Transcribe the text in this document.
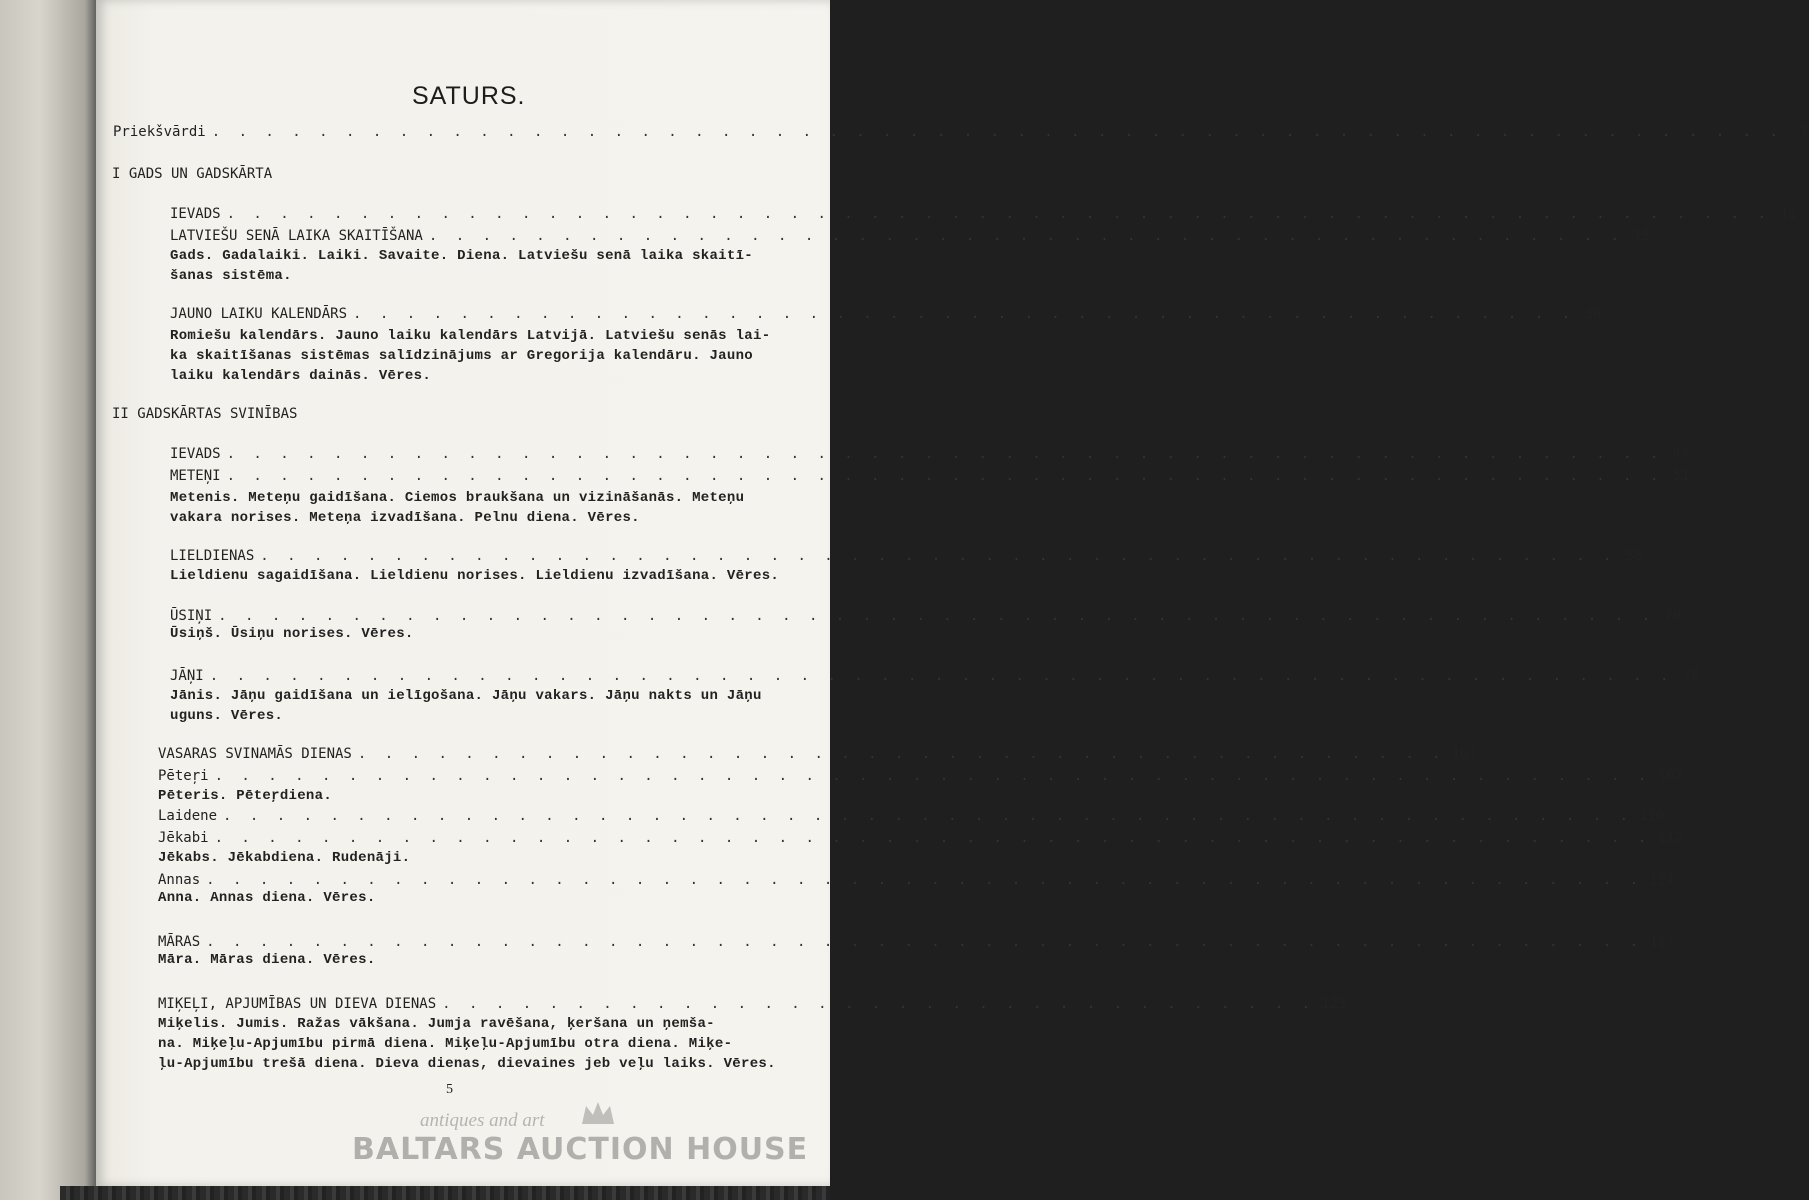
SATURS.
Priekšvārdi . . . . . . . . . . . . . . . . . . . . . . . . . . . . . . . . . . . . . . . . . . . . . . . . . . . . . . . . . . .	7
I GADS UN GADSKĀRTA
IEVADS . . . . . . . . . . . . . . . . . . . . . . . . . . . . . . . . . . . . . . . . . . . . . . . . . . . . . . . . . . 11
LATVIEŠU SENĀ LAIKA SKAITĪŠANA . . . . . . . . . . . . . . . . . . . . . . . . . . . . . . . . . . . . . . . . . . . . . 13
Gads. Gadalaiki. Laiki. Savaite. Diena. Latviešu senā laika skaitī-
šanas sistēma.
JAUNO LAIKU KALENDĀRS . . . . . . . . . . . . . . . . . . . . . . . . . . . . . . . . . . . . . . . . . . . . . . 30
Romiešu kalendārs. Jauno laiku kalendārs Latvijā. Latviešu senās lai-
ka skaitīšanas sistēmas salīdzinājums ar Gregorija kalendāru. Jauno
laiku kalendārs dainās. Vēres.
II GADSKĀRTAS SVINĪBAS
IEVADS . . . . . . . . . . . . . . . . . . . . . . . . . . . . . . . . . . . . . . . . . . . . . . . . . . . . . . 47
METEŅI . . . . . . . . . . . . . . . . . . . . . . . . . . . . . . . . . . . . . . . . . . . . . . . . . . . . . . 51
Metenis. Meteņu gaidīšana. Ciemos braukšana un vizināšanās. Meteņu
vakara norises. Meteņa izvadīšana. Pelnu diena. Vēres.
LIELDIENAS . . . . . . . . . . . . . . . . . . . . . . . . . . . . . . . . . . . . . . . . . . . . . . . . . . . 58
Lieldienu sagaidīšana. Lieldienu norises. Lieldienu izvadīšana. Vēres.
ŪSIŅI . . . . . . . . . . . . . . . . . . . . . . . . . . . . . . . . . . . . . . . . . . . . . . . . . . . . . . 70
Ūsiņš. Ūsiņu norises. Vēres.
JĀŅI . . . . . . . . . . . . . . . . . . . . . . . . . . . . . . . . . . . . . . . . . . . . . . . . . . . . . . . 78
Jānis. Jāņu gaidīšana un ielīgošana. Jāņu vakars. Jāņu nakts un Jāņu
uguns. Vēres.
VASARAS SVINAMĀS DIENAS . . . . . . . . . . . . . . . . . . . . . . . . . . . . . . . . . . . . . . . . . 107
Pēteŗi . . . . . . . . . . . . . . . . . . . . . . . . . . . . . . . . . . . . . . . . . . . . . . . . . . . . . . 107
Pēteris. Pēteŗdiena.
Laidene . . . . . . . . . . . . . . . . . . . . . . . . . . . . . . . . . . . . . . . . . . . . . . . . . . . . . 110
Jēkabi . . . . . . . . . . . . . . . . . . . . . . . . . . . . . . . . . . . . . . . . . . . . . . . . . . . . . . 112
Jēkabs. Jēkabdiena. Rudenāji.
Annas . . . . . . . . . . . . . . . . . . . . . . . . . . . . . . . . . . . . . . . . . . . . . . . . . . . . . . 114
Anna. Annas diena. Vēres.
MĀRAS . . . . . . . . . . . . . . . . . . . . . . . . . . . . . . . . . . . . . . . . . . . . . . . . . . . . . . 117
Māra. Māras diena. Vēres.
MIĶEĻI, APJUMĪBAS UN DIEVA DIENAS . . . . . . . . . . . . . . . . . . . . . . . . . . . . . . . . . 123
Miķelis. Jumis. Ražas vākšana. Jumja ravēšana, ķeršana un ņemša-
na. Miķeļu-Apjumību pirmā diena. Miķeļu-Apjumību otra diena. Miķe-
ļu-Apjumību trešā diena. Dieva dienas, dievaines jeb veļu laiks. Vēres.
5
antiques and art
BALTARS AUCTION HOUSE
